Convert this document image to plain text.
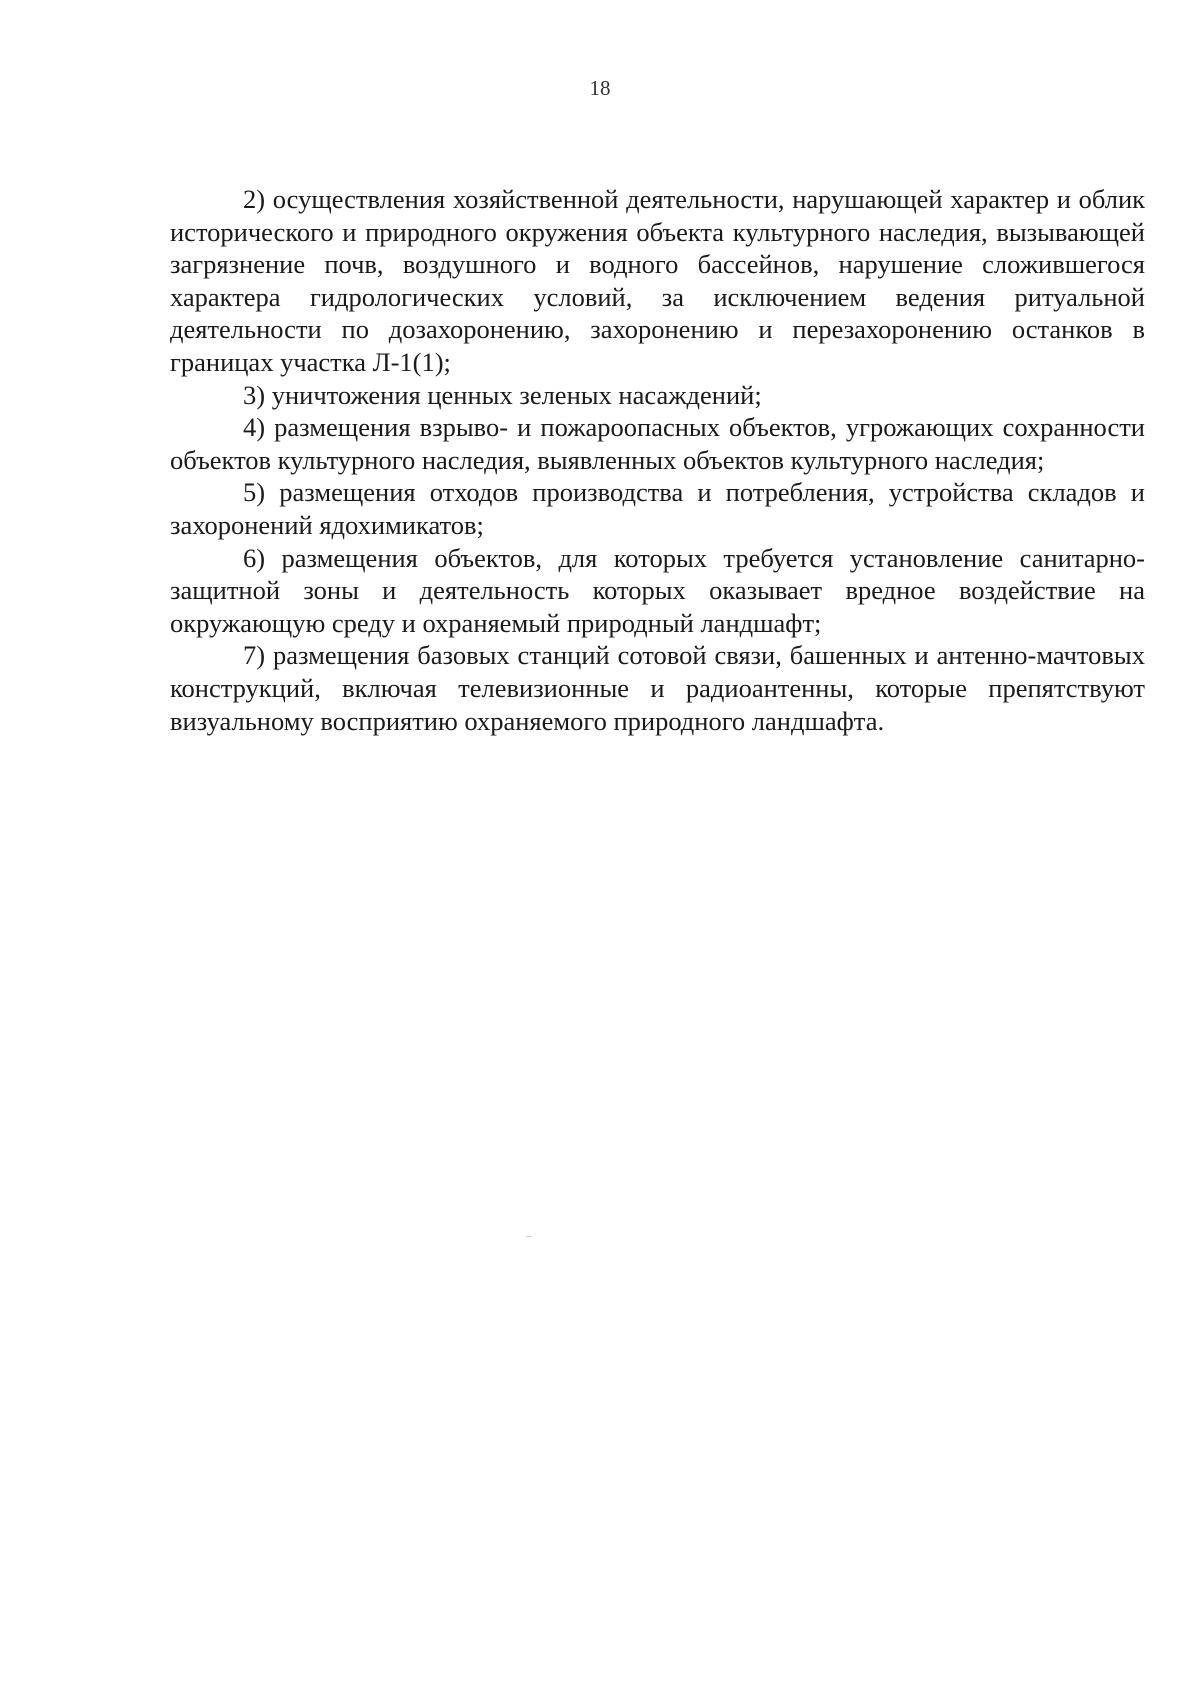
18

2) осуществления хозяйственной деятельности, нарушающей характер и облик исторического и природного окружения объекта культурного наследия, вызывающей загрязнение почв, воздушного и водного бассейнов, нарушение сложившегося характера гидрологических условий, за исключением ведения ритуальной деятельности по дозахоронению, захоронению и перезахоронению останков в границах участка Л-1(1);

3) уничтожения ценных зеленых насаждений;

4) размещения взрыво- и пожароопасных объектов, угрожающих сохранности объектов культурного наследия, выявленных объектов культурного наследия;

5) размещения отходов производства и потребления, устройства складов и захоронений ядохимикатов;

6) размещения объектов, для которых требуется установление санитарно-защитной зоны и деятельность которых оказывает вредное воздействие на окружающую среду и охраняемый природный ландшафт;

7) размещения базовых станций сотовой связи, башенных и антенно-мачтовых конструкций, включая телевизионные и радиоантенны, которые препятствуют визуальному восприятию охраняемого природного ландшафта.
